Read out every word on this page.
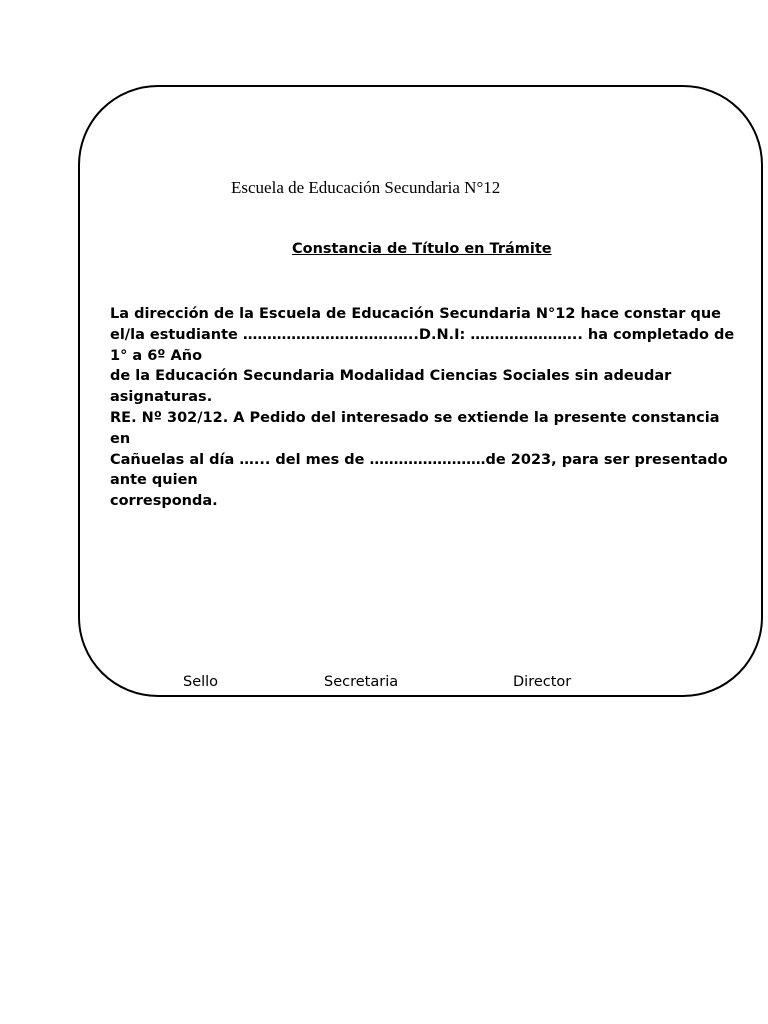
Escuela de Educación Secundaria N°12
Constancia de Título en Trámite
La dirección de la Escuela de Educación Secundaria N°12 hace constar que
el/la estudiante ………………………….…..D.N.I: ………………….. ha completado de
1° a 6º Año
de la Educación Secundaria Modalidad Ciencias Sociales sin adeudar
asignaturas.
RE. Nº 302/12. A Pedido del interesado se extiende la presente constancia
en
Cañuelas al día …... del mes de ……………………de 2023, para ser presentado
ante quien
corresponda.
Sello	Secretaria	Director
